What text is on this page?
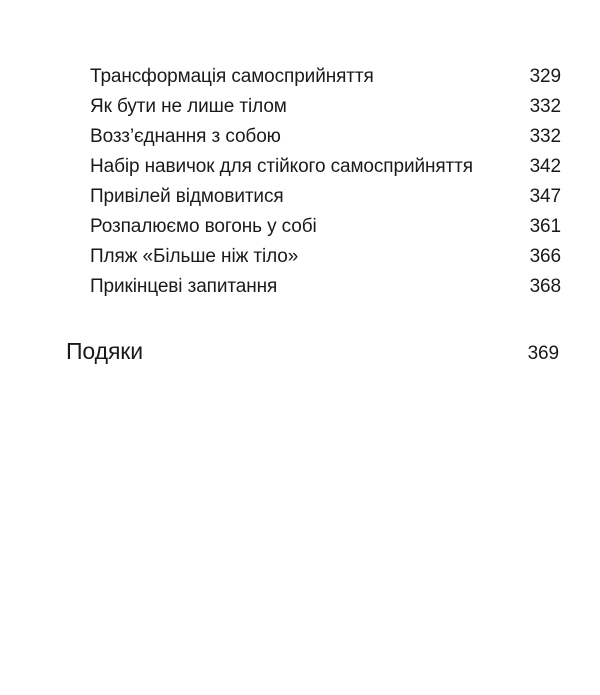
Трансформація самосприйняття	329
Як бути не лише тілом	332
Возз’єднання з собою	332
Набір навичок для стійкого самосприйняття	342
Привілей відмовитися	347
Розпалюємо вогонь у собі	361
Пляж «Більше ніж тіло»	366
Прикінцеві запитання	368
Подяки	369
